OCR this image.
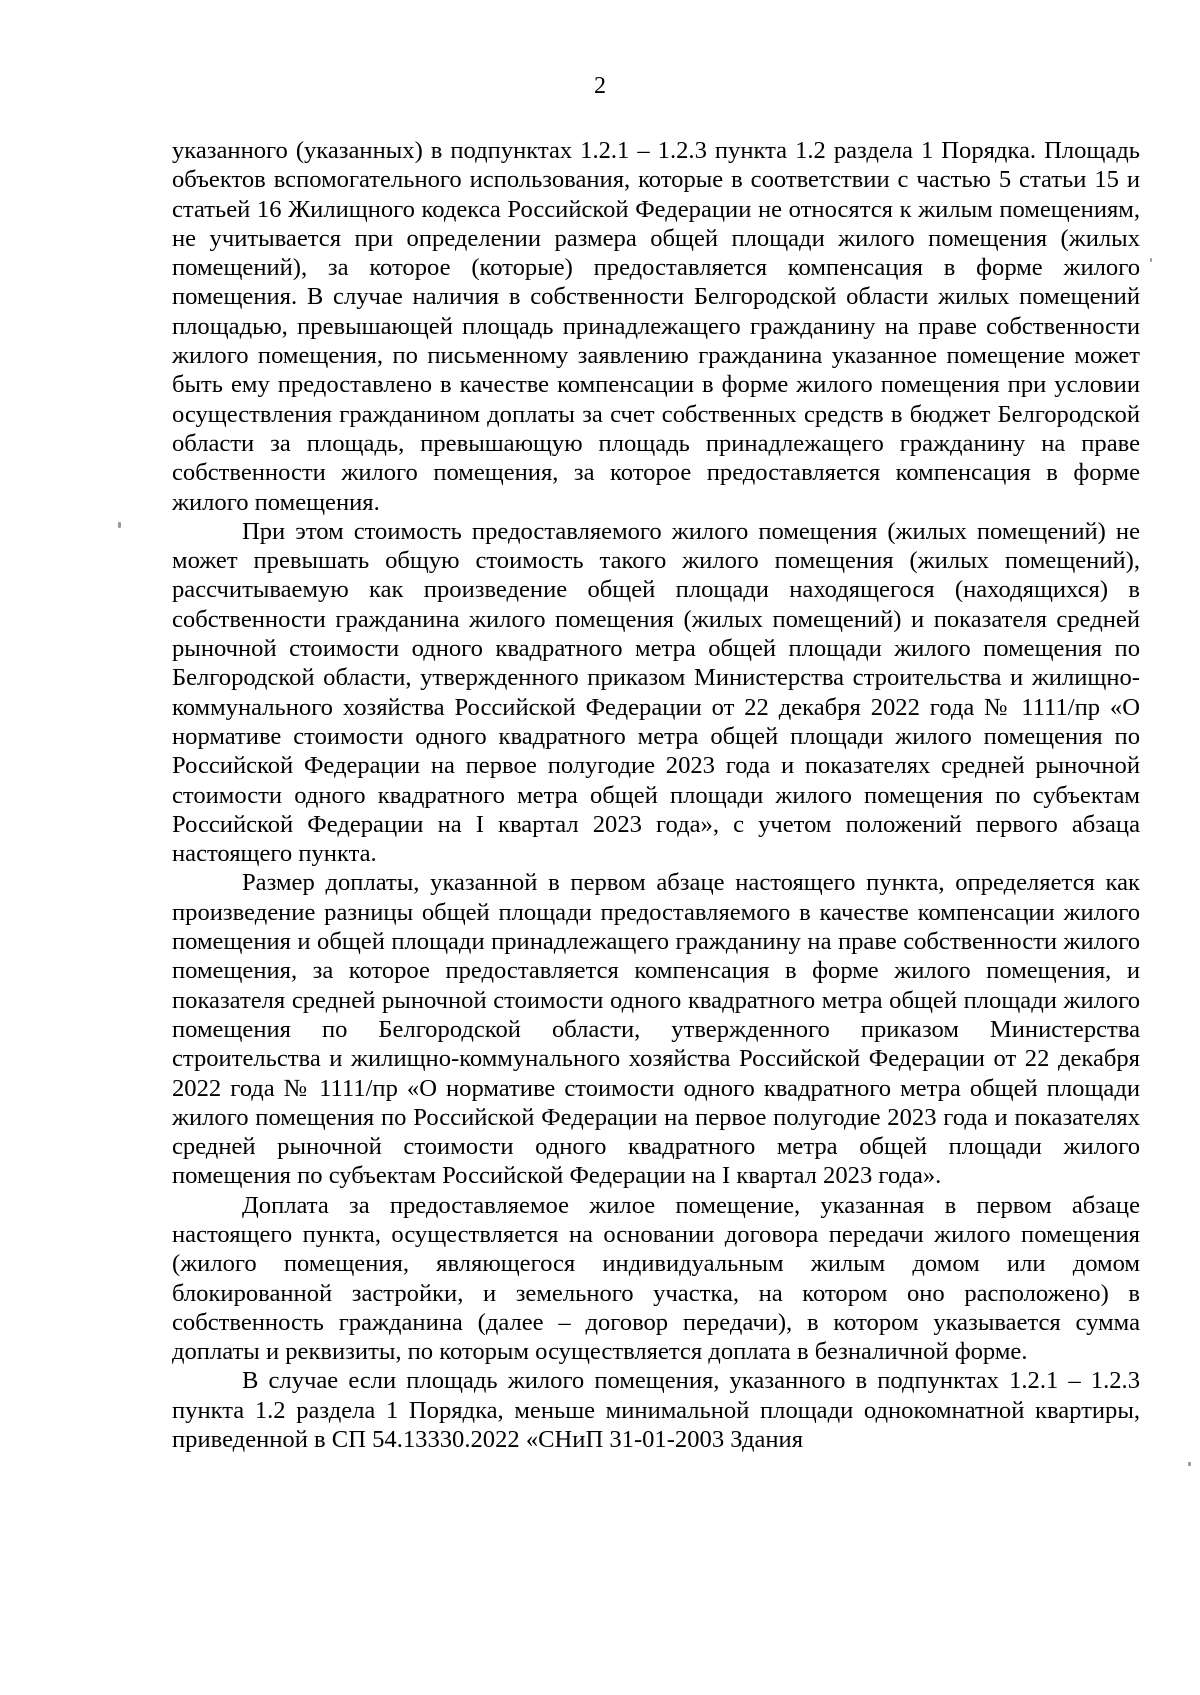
2

указанного (указанных) в подпунктах 1.2.1 – 1.2.3 пункта 1.2 раздела 1 Порядка. Площадь объектов вспомогательного использования, которые в соответствии с частью 5 статьи 15 и статьей 16 Жилищного кодекса Российской Федерации не относятся к жилым помещениям, не учитывается при определении размера общей площади жилого помещения (жилых помещений), за которое (которые) предоставляется компенсация в форме жилого помещения. В случае наличия в собственности Белгородской области жилых помещений площадью, превышающей площадь принадлежащего гражданину на праве собственности жилого помещения, по письменному заявлению гражданина указанное помещение может быть ему предоставлено в качестве компенсации в форме жилого помещения при условии осуществления гражданином доплаты за счет собственных средств в бюджет Белгородской области за площадь, превышающую площадь принадлежащего гражданину на праве собственности жилого помещения, за которое предоставляется компенсация в форме жилого помещения.

При этом стоимость предоставляемого жилого помещения (жилых помещений) не может превышать общую стоимость такого жилого помещения (жилых помещений), рассчитываемую как произведение общей площади находящегося (находящихся) в собственности гражданина жилого помещения (жилых помещений) и показателя средней рыночной стоимости одного квадратного метра общей площади жилого помещения по Белгородской области, утвержденного приказом Министерства строительства и жилищно-коммунального хозяйства Российской Федерации от 22 декабря 2022 года № 1111/пр «О нормативе стоимости одного квадратного метра общей площади жилого помещения по Российской Федерации на первое полугодие 2023 года и показателях средней рыночной стоимости одного квадратного метра общей площади жилого помещения по субъектам Российской Федерации на I квартал 2023 года», с учетом положений первого абзаца настоящего пункта.

Размер доплаты, указанной в первом абзаце настоящего пункта, определяется как произведение разницы общей площади предоставляемого в качестве компенсации жилого помещения и общей площади принадлежащего гражданину на праве собственности жилого помещения, за которое предоставляется компенсация в форме жилого помещения, и показателя средней рыночной стоимости одного квадратного метра общей площади жилого помещения по Белгородской области, утвержденного приказом Министерства строительства и жилищно-коммунального хозяйства Российской Федерации от 22 декабря 2022 года № 1111/пр «О нормативе стоимости одного квадратного метра общей площади жилого помещения по Российской Федерации на первое полугодие 2023 года и показателях средней рыночной стоимости одного квадратного метра общей площади жилого помещения по субъектам Российской Федерации на I квартал 2023 года».

Доплата за предоставляемое жилое помещение, указанная в первом абзаце настоящего пункта, осуществляется на основании договора передачи жилого помещения (жилого помещения, являющегося индивидуальным жилым домом или домом блокированной застройки, и земельного участка, на котором оно расположено) в собственность гражданина (далее – договор передачи), в котором указывается сумма доплаты и реквизиты, по которым осуществляется доплата в безналичной форме.

В случае если площадь жилого помещения, указанного в подпунктах 1.2.1 – 1.2.3 пункта 1.2 раздела 1 Порядка, меньше минимальной площади однокомнатной квартиры, приведенной в СП 54.13330.2022 «СНиП 31-01-2003 Здания
